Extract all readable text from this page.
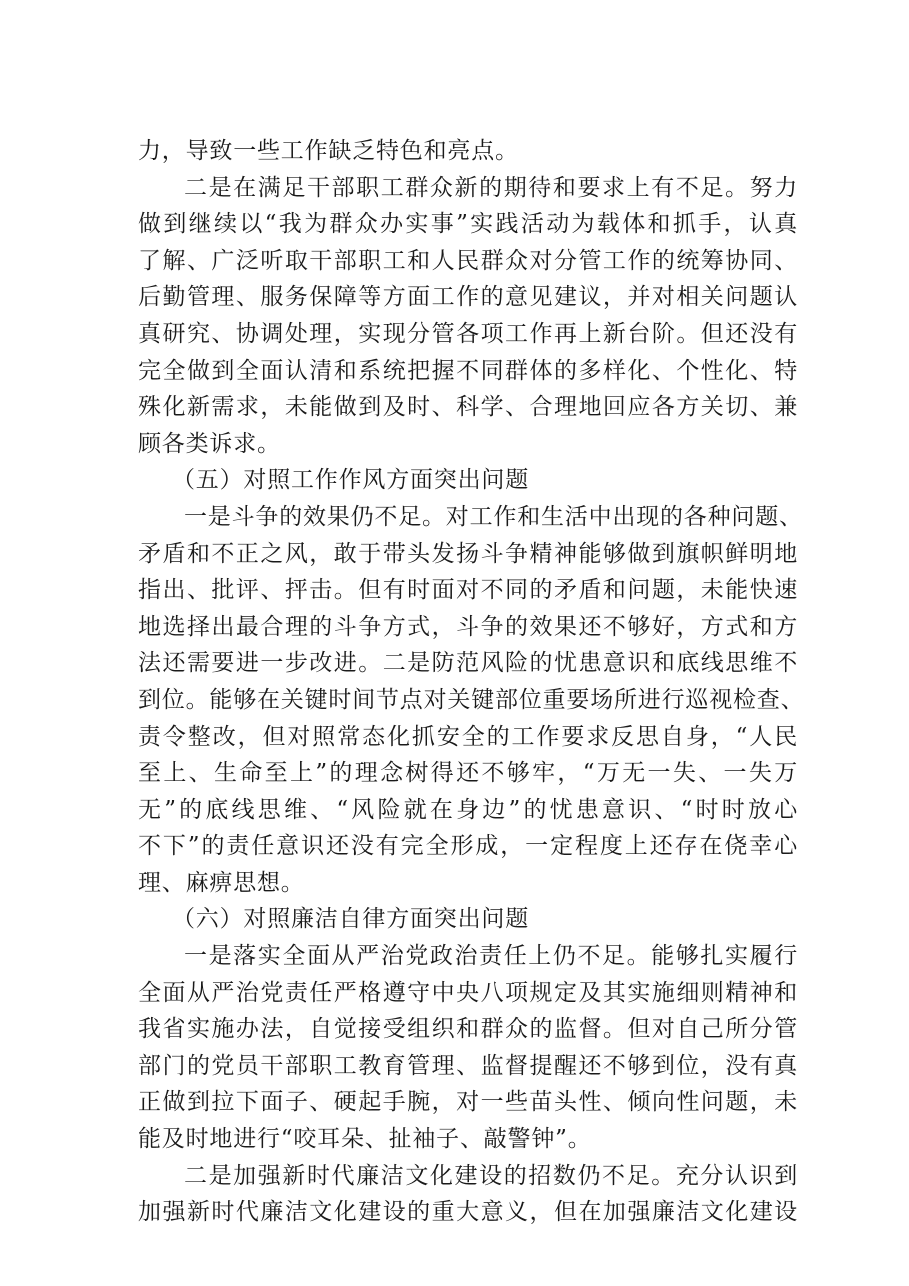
力，导致一些工作缺乏特色和亮点。
二是在满足干部职工群众新的期待和要求上有不足。努力
做到继续以“我为群众办实事”实践活动为载体和抓手，认真
了解、广泛听取干部职工和人民群众对分管工作的统筹协同、
后勤管理、服务保障等方面工作的意见建议，并对相关问题认
真研究、协调处理，实现分管各项工作再上新台阶。但还没有
完全做到全面认清和系统把握不同群体的多样化、个性化、特
殊化新需求，未能做到及时、科学、合理地回应各方关切、兼
顾各类诉求。
（五）对照工作作风方面突出问题
一是斗争的效果仍不足。对工作和生活中出现的各种问题、
矛盾和不正之风，敢于带头发扬斗争精神能够做到旗帜鲜明地
指出、批评、抨击。但有时面对不同的矛盾和问题，未能快速
地选择出最合理的斗争方式，斗争的效果还不够好，方式和方
法还需要进一步改进。二是防范风险的忧患意识和底线思维不
到位。能够在关键时间节点对关键部位重要场所进行巡视检查、
责令整改，但对照常态化抓安全的工作要求反思自身，“人民
至上、生命至上”的理念树得还不够牢，“万无一失、一失万
无”的底线思维、“风险就在身边”的忧患意识、“时时放心
不下”的责任意识还没有完全形成，一定程度上还存在侥幸心
理、麻痹思想。
（六）对照廉洁自律方面突出问题
一是落实全面从严治党政治责任上仍不足。能够扎实履行
全面从严治党责任严格遵守中央八项规定及其实施细则精神和
我省实施办法，自觉接受组织和群众的监督。但对自己所分管
部门的党员干部职工教育管理、监督提醒还不够到位，没有真
正做到拉下面子、硬起手腕，对一些苗头性、倾向性问题，未
能及时地进行“咬耳朵、扯袖子、敲警钟”。
二是加强新时代廉洁文化建设的招数仍不足。充分认识到
加强新时代廉洁文化建设的重大意义，但在加强廉洁文化建设
